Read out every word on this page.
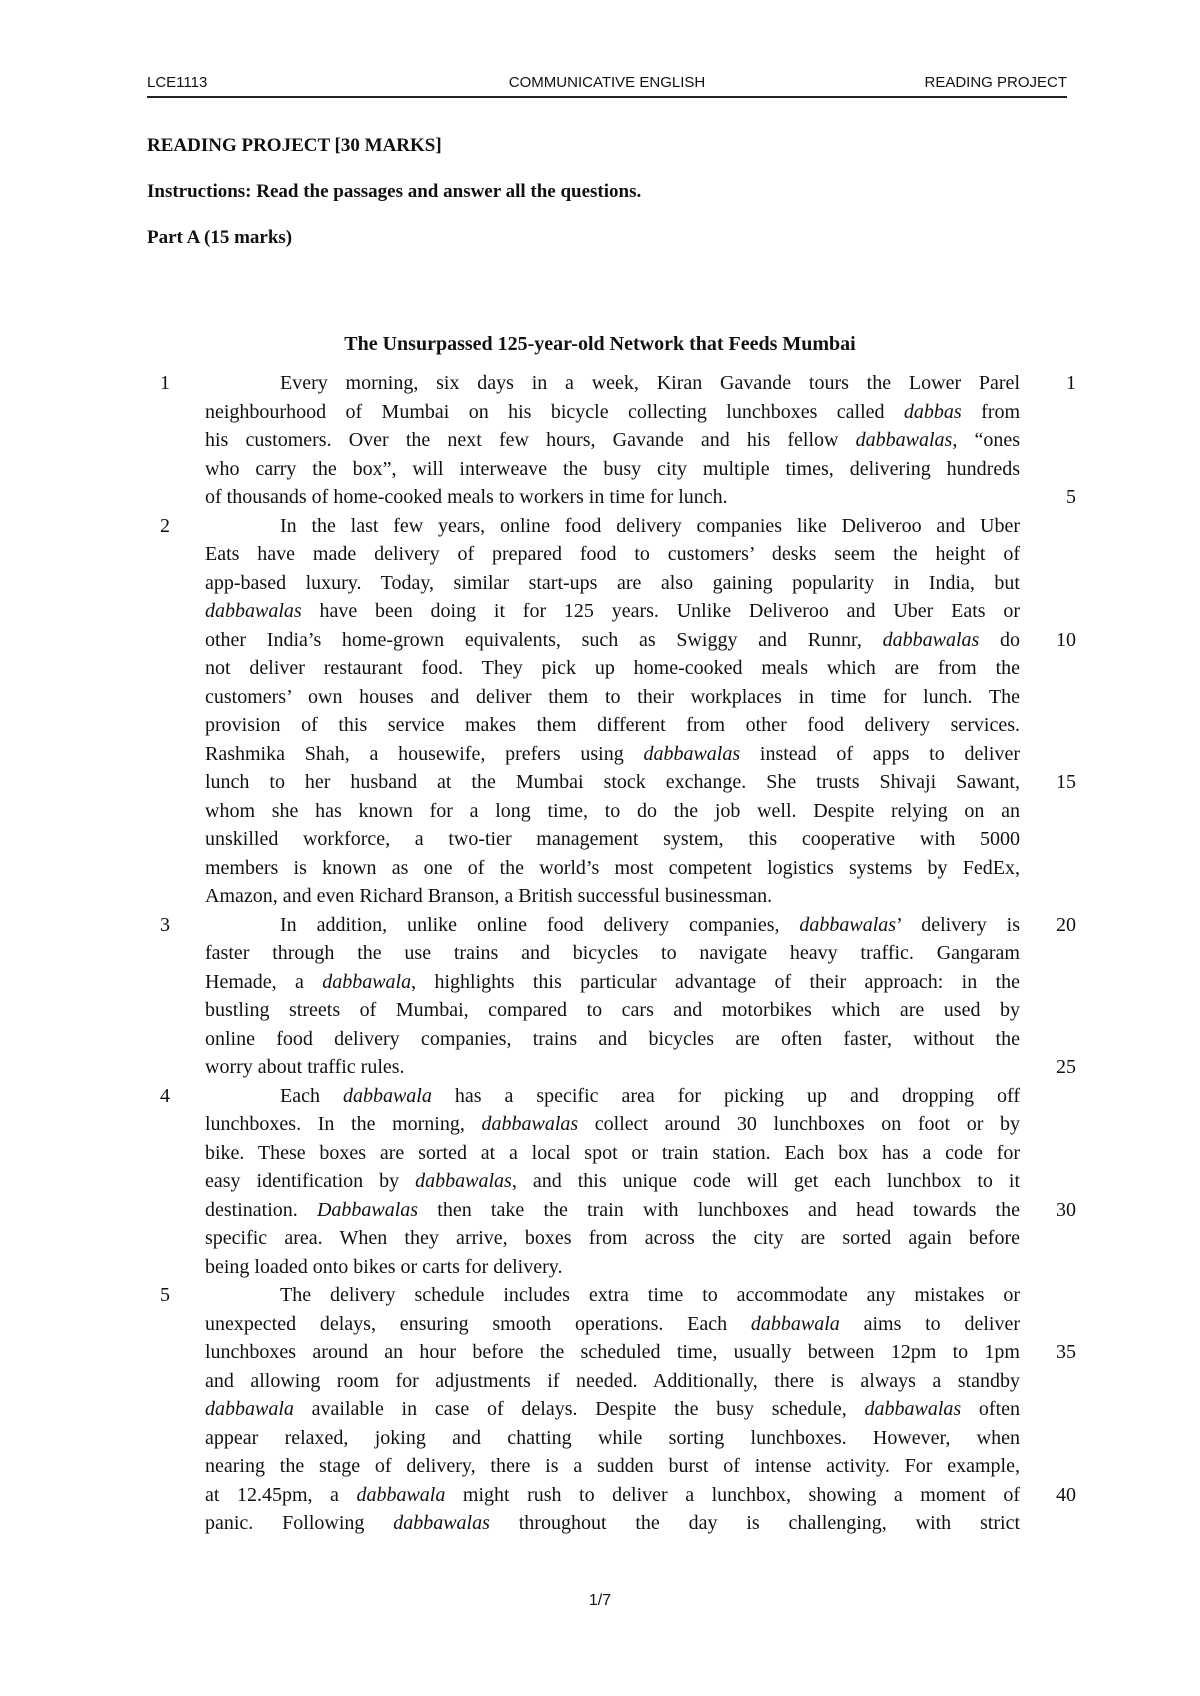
LCE1113	COMMUNICATIVE ENGLISH	READING PROJECT
READING PROJECT [30 MARKS]
Instructions: Read the passages and answer all the questions.
Part A (15 marks)
The Unsurpassed 125-year-old Network that Feeds Mumbai
Every morning, six days in a week, Kiran Gavande tours the Lower Parel
neighbourhood of Mumbai on his bicycle collecting lunchboxes called dabbas from
his customers. Over the next few hours, Gavande and his fellow dabbawalas, “ones
who carry the box”, will interweave the busy city multiple times, delivering hundreds
of thousands of home-cooked meals to workers in time for lunch.
In the last few years, online food delivery companies like Deliveroo and Uber
Eats have made delivery of prepared food to customers’ desks seem the height of
app-based luxury. Today, similar start-ups are also gaining popularity in India, but
dabbawalas have been doing it for 125 years. Unlike Deliveroo and Uber Eats or
other India’s home-grown equivalents, such as Swiggy and Runnr, dabbawalas do
not deliver restaurant food. They pick up home-cooked meals which are from the
customers’ own houses and deliver them to their workplaces in time for lunch. The
provision of this service makes them different from other food delivery services.
Rashmika Shah, a housewife, prefers using dabbawalas instead of apps to deliver
lunch to her husband at the Mumbai stock exchange. She trusts Shivaji Sawant,
whom she has known for a long time, to do the job well. Despite relying on an
unskilled workforce, a two-tier management system, this cooperative with 5000
members is known as one of the world’s most competent logistics systems by FedEx,
Amazon, and even Richard Branson, a British successful businessman.
In addition, unlike online food delivery companies, dabbawalas’ delivery is
faster through the use trains and bicycles to navigate heavy traffic. Gangaram
Hemade, a dabbawala, highlights this particular advantage of their approach: in the
bustling streets of Mumbai, compared to cars and motorbikes which are used by
online food delivery companies, trains and bicycles are often faster, without the
worry about traffic rules.
Each dabbawala has a specific area for picking up and dropping off
lunchboxes. In the morning, dabbawalas collect around 30 lunchboxes on foot or by
bike. These boxes are sorted at a local spot or train station. Each box has a code for
easy identification by dabbawalas, and this unique code will get each lunchbox to it
destination. Dabbawalas then take the train with lunchboxes and head towards the
specific area. When they arrive, boxes from across the city are sorted again before
being loaded onto bikes or carts for delivery.
The delivery schedule includes extra time to accommodate any mistakes or
unexpected delays, ensuring smooth operations. Each dabbawala aims to deliver
lunchboxes around an hour before the scheduled time, usually between 12pm to 1pm
and allowing room for adjustments if needed. Additionally, there is always a standby
dabbawala available in case of delays. Despite the busy schedule, dabbawalas often
appear relaxed, joking and chatting while sorting lunchboxes. However, when
nearing the stage of delivery, there is a sudden burst of intense activity. For example,
at 12.45pm, a dabbawala might rush to deliver a lunchbox, showing a moment of
panic. Following dabbawalas throughout the day is challenging, with strict
1
2
3
4
5
1
5
10
15
20
25
30
35
40
1/7
